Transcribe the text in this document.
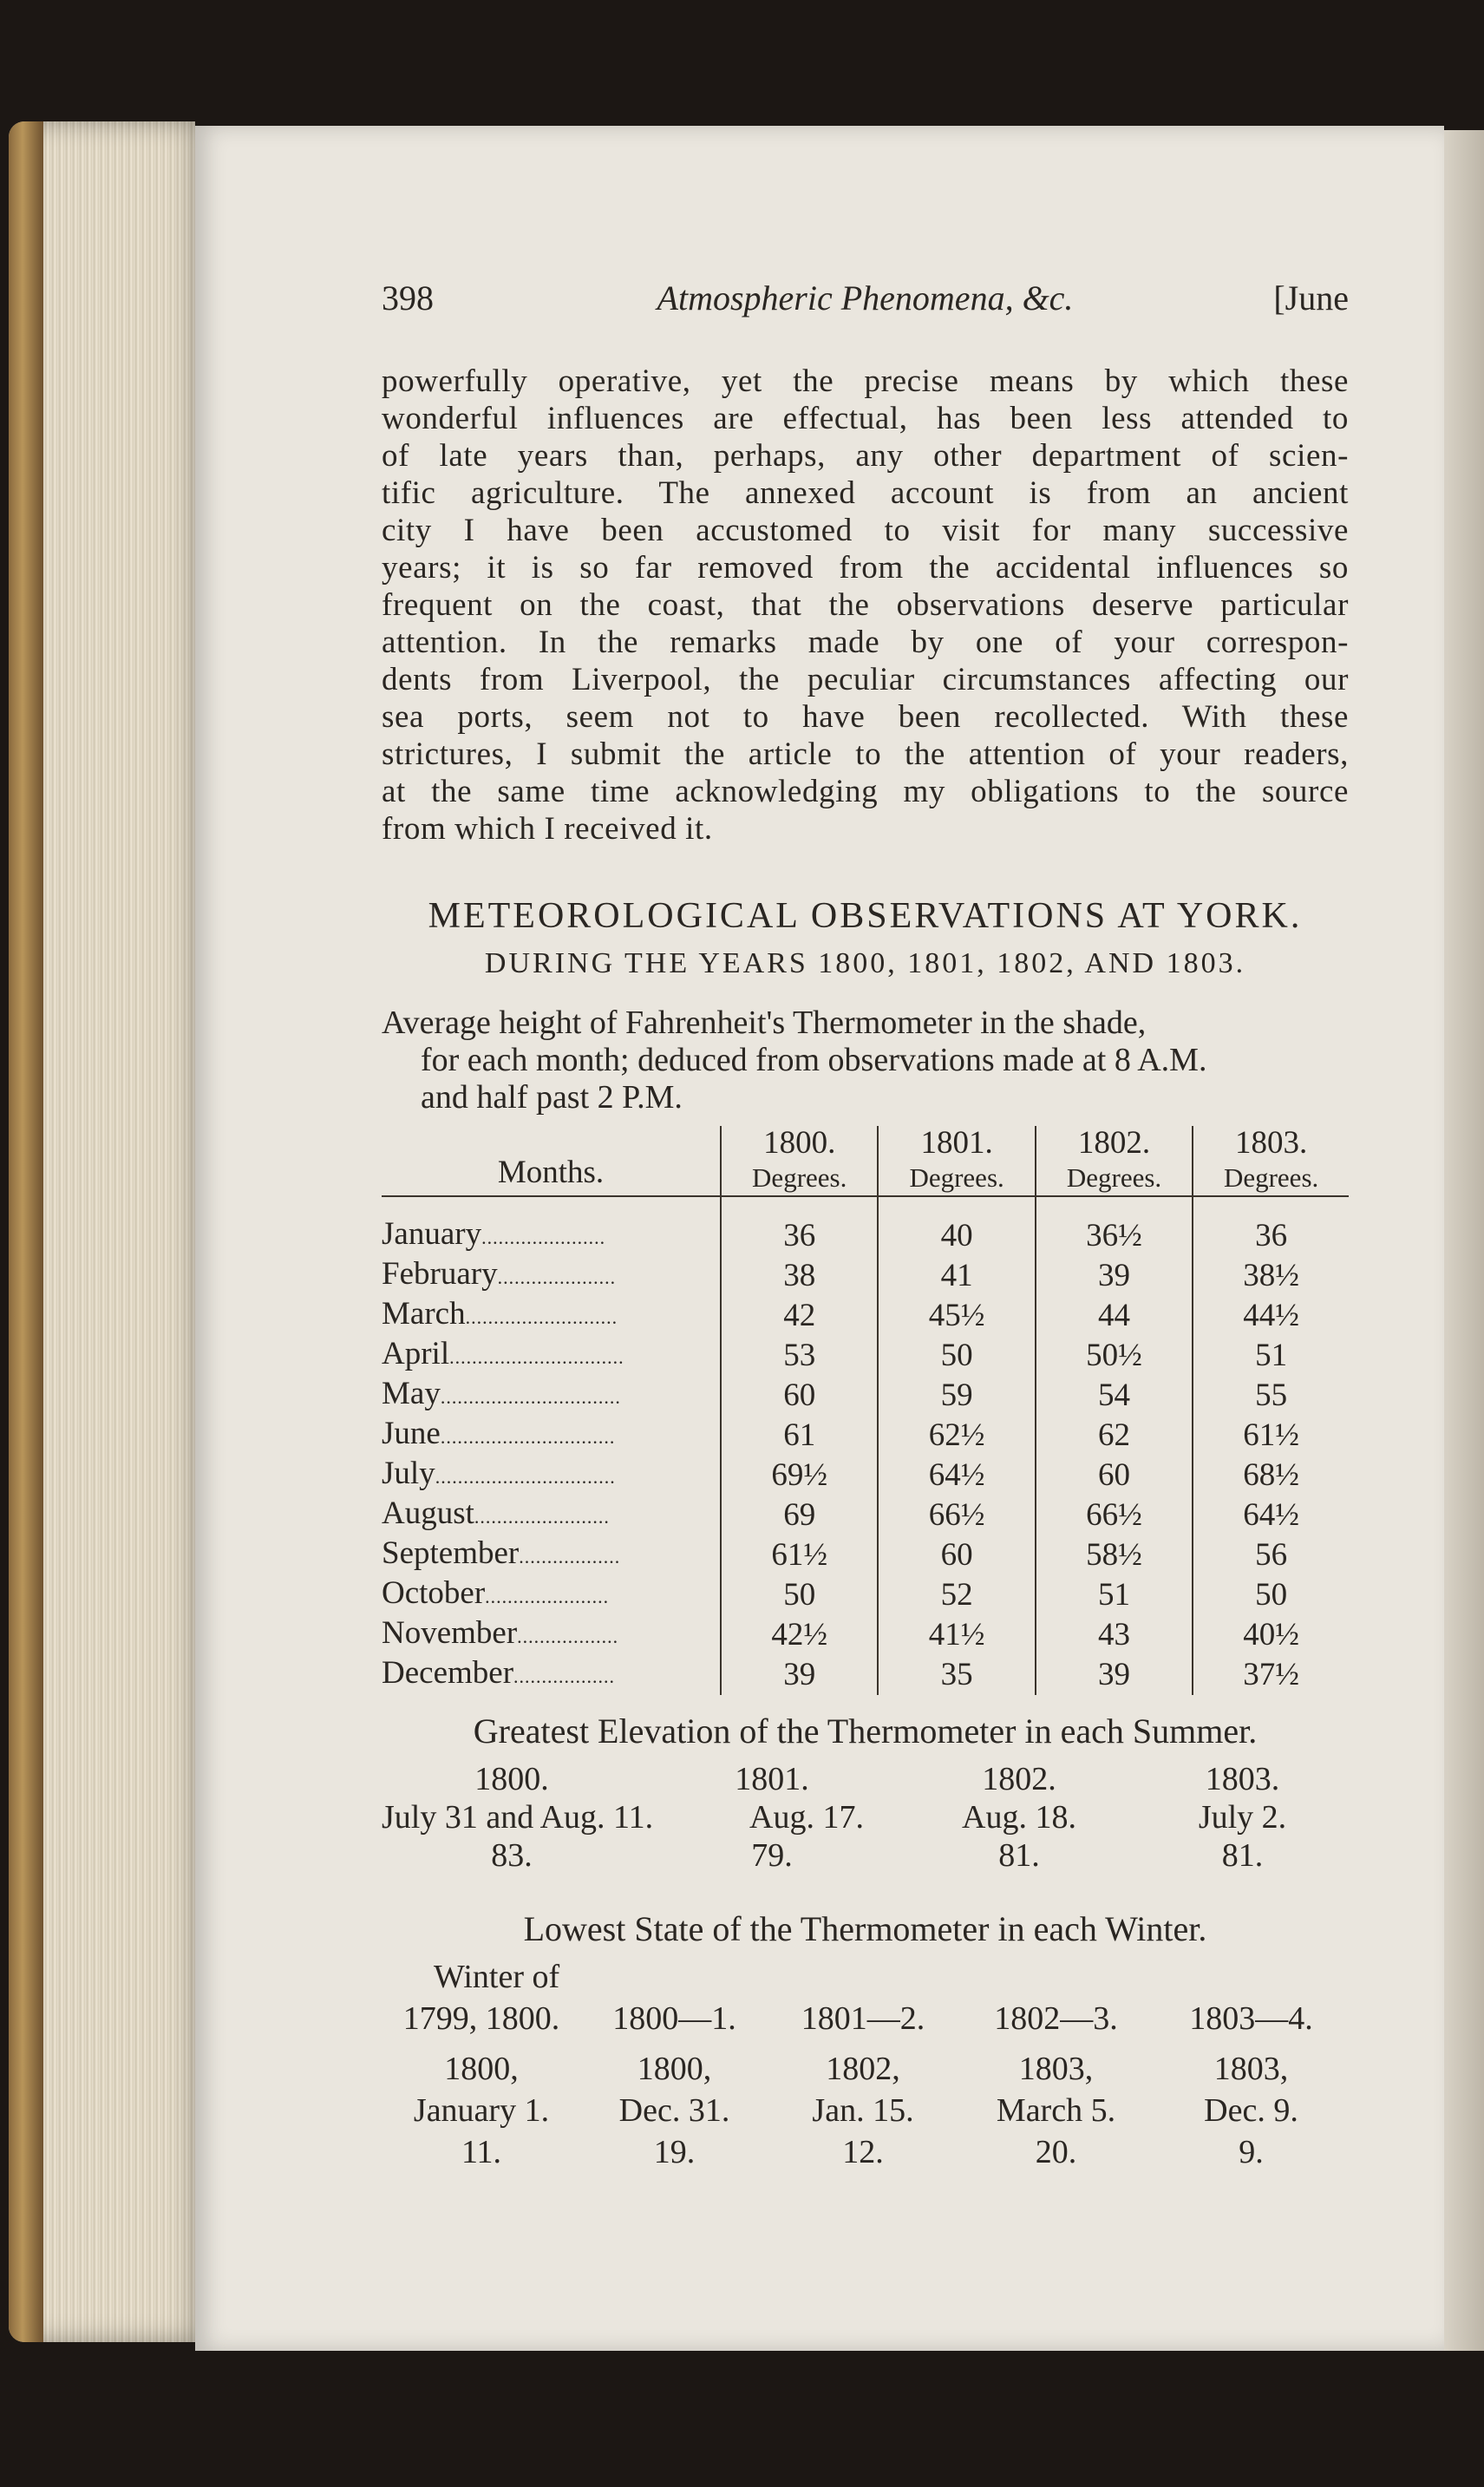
398	Atmospheric Phenomena, &c.	[June
powerfully operative, yet the precise means by which these
wonderful influences are effectual, has been less attended to
of late years than, perhaps, any other department of scien-
tific agriculture. The annexed account is from an ancient
city I have been accustomed to visit for many successive
years; it is so far removed from the accidental influences so
frequent on the coast, that the observations deserve particular
attention. In the remarks made by one of your correspon-
dents from Liverpool, the peculiar circumstances affecting our
sea ports, seem not to have been recollected. With these
strictures, I submit the article to the attention of your readers,
at the same time acknowledging my obligations to the source
from which I received it.
METEOROLOGICAL OBSERVATIONS AT YORK.
DURING THE YEARS 1800, 1801, 1802, AND 1803.
Average height of Fahrenheit's Thermometer in the shade,
for each month; deduced from observations made at 8 A.M.
and half past 2 P.M.
Months.	1800.	1801.	1802.	1803.
	Degrees.	Degrees.	Degrees.	Degrees.

January......................	36	40	36½	36
February.....................	38	41	39	38½
March...........................	42	45½	44	44½
April...............................	53	50	50½	51
May................................	60	59	54	55
June...............................	61	62½	62	61½
July................................	69½	64½	60	68½
August........................	69	66½	66½	64½
September..................	61½	60	58½	56
October......................	50	52	51	50
November..................	42½	41½	43	40½
December..................	39	35	39	37½
Greatest Elevation of the Thermometer in each Summer.
1800.	1801.	1802.	1803.
July 31 and Aug. 11.	Aug. 17.	Aug. 18.	July 2.
83.	79.	81.	81.
Lowest State of the Thermometer in each Winter.
Winter of
1799, 1800.	1800—1.	1801—2.	1802—3.	1803—4.
1800,	1800,	1802,	1803,	1803,
January 1.	Dec. 31.	Jan. 15.	March 5.	Dec. 9.
11.	19.	12.	20.	9.
